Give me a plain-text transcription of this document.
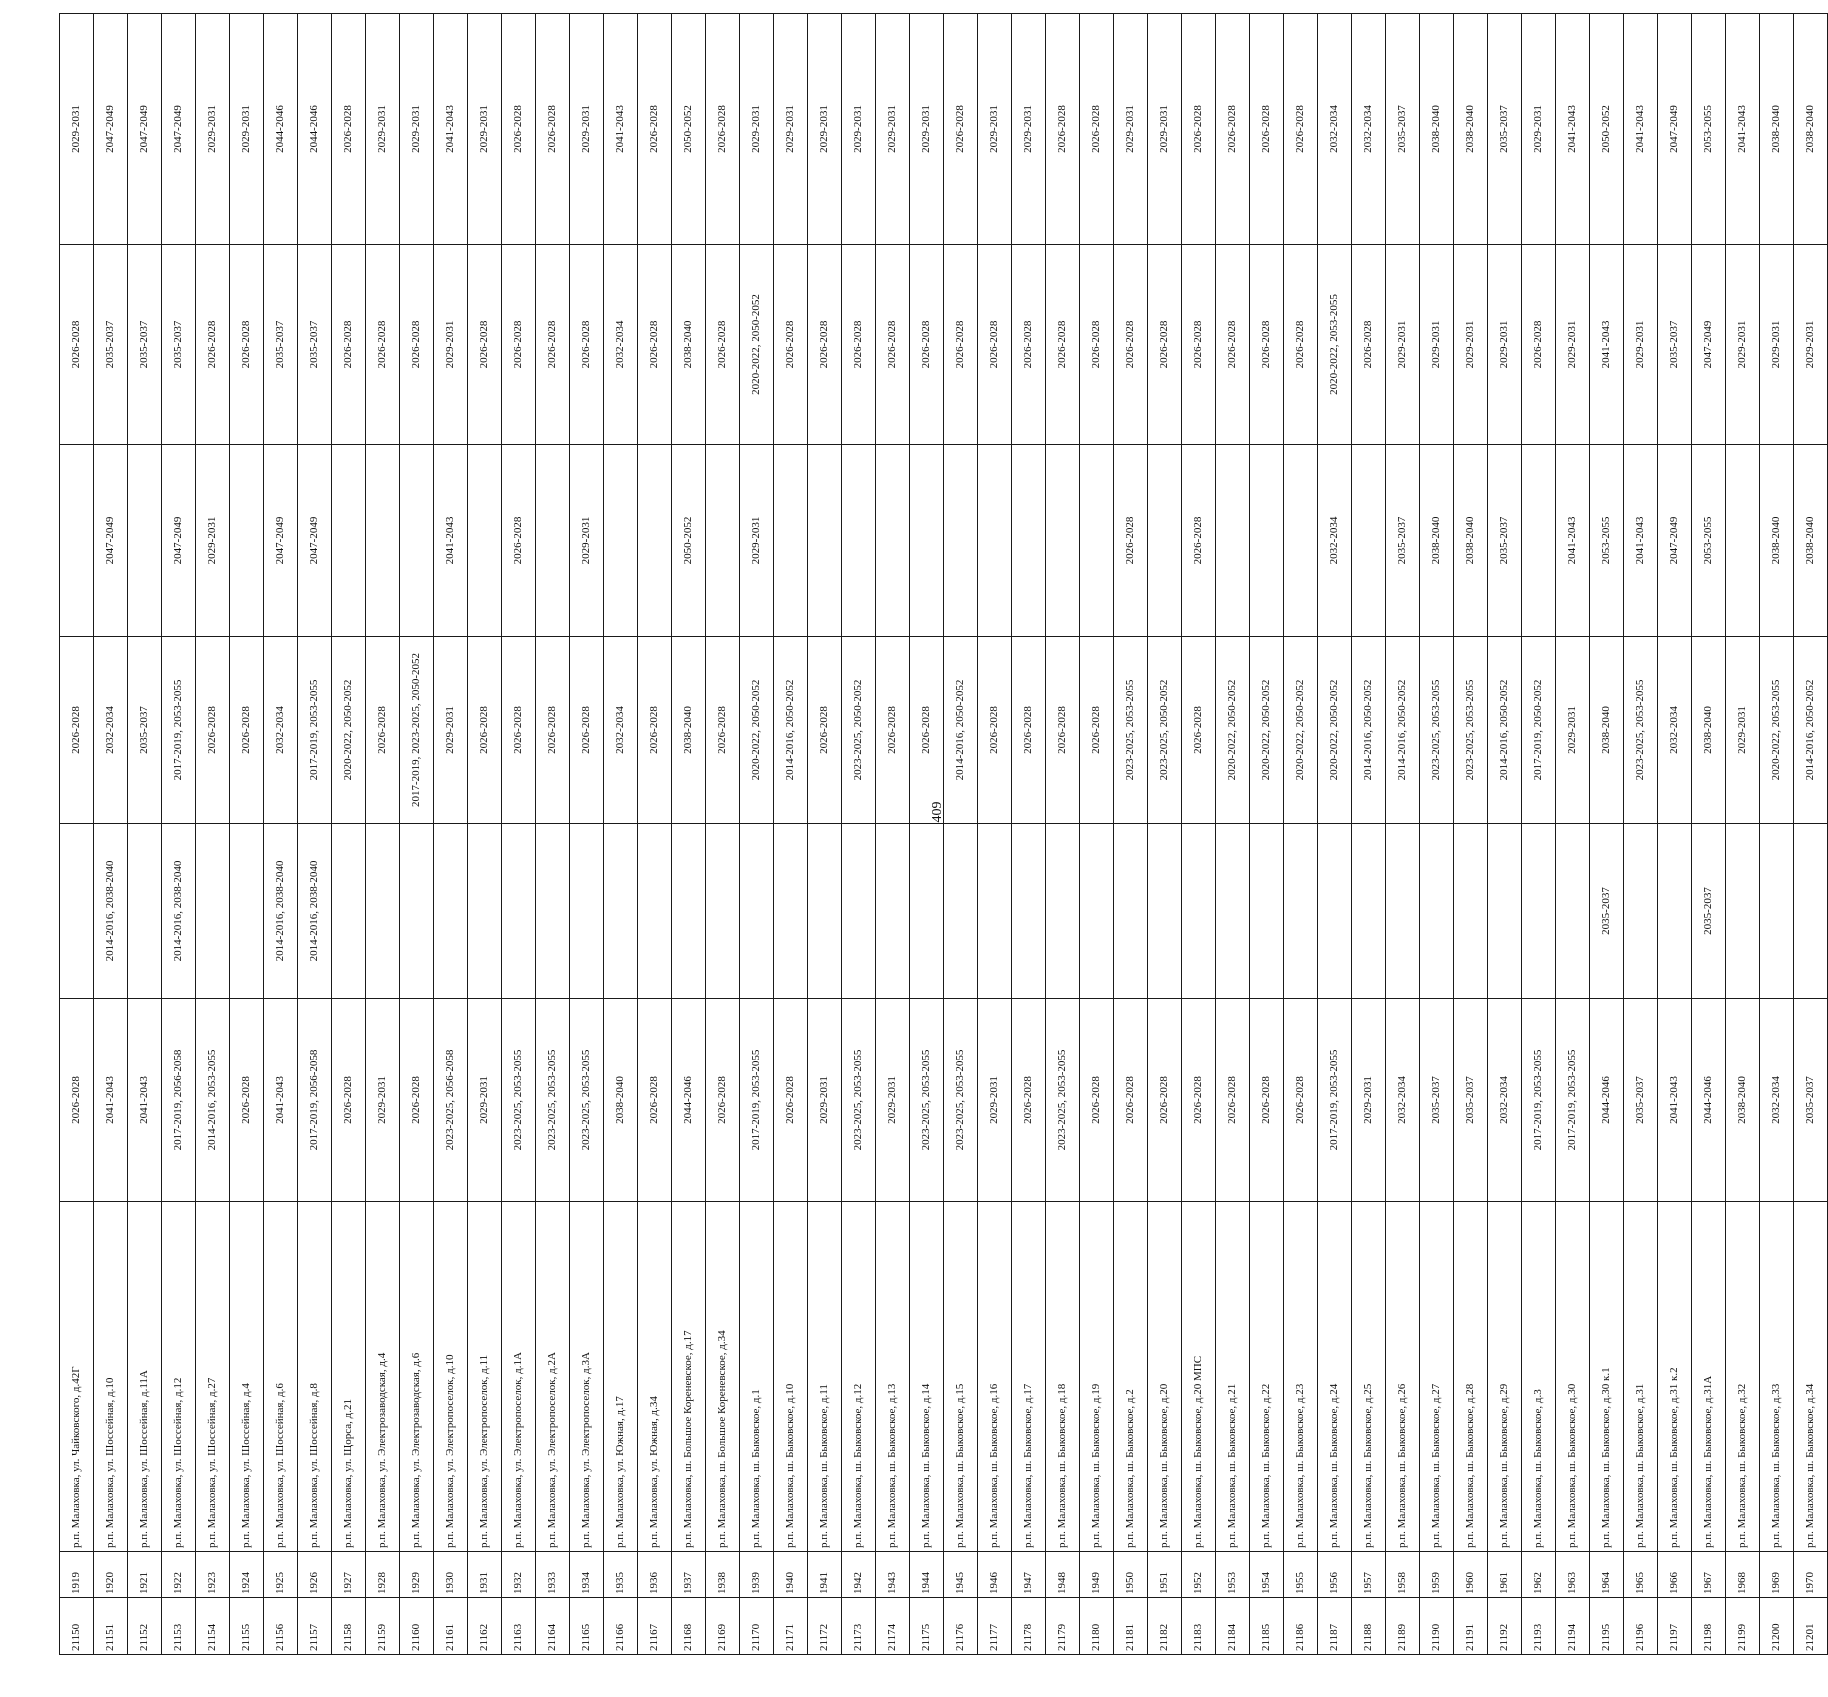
21150	1919	р.п. Малаховка, ул. Чайковского, д.42Г	2026-2028		2026-2028		2026-2028	2029-2031
21151	1920	р.п. Малаховка, ул. Шоссейная, д.10	2041-2043	2014-2016, 2038-2040	2032-2034	2047-2049	2035-2037	2047-2049
21152	1921	р.п. Малаховка, ул. Шоссейная, д.11А	2041-2043		2035-2037		2035-2037	2047-2049
21153	1922	р.п. Малаховка, ул. Шоссейная, д.12	2017-2019, 2056-2058	2014-2016, 2038-2040	2017-2019, 2053-2055	2047-2049	2035-2037	2047-2049
21154	1923	р.п. Малаховка, ул. Шоссейная, д.27	2014-2016, 2053-2055		2026-2028	2029-2031	2026-2028	2029-2031
21155	1924	р.п. Малаховка, ул. Шоссейная, д.4	2026-2028		2026-2028		2026-2028	2029-2031
21156	1925	р.п. Малаховка, ул. Шоссейная, д.6	2041-2043	2014-2016, 2038-2040	2032-2034	2047-2049	2035-2037	2044-2046
21157	1926	р.п. Малаховка, ул. Шоссейная, д.8	2017-2019, 2056-2058	2014-2016, 2038-2040	2017-2019, 2053-2055	2047-2049	2035-2037	2044-2046
21158	1927	р.п. Малаховка, ул. Щорса, д.21	2026-2028		2020-2022, 2050-2052		2026-2028	2026-2028
21159	1928	р.п. Малаховка, ул. Электрозаводская, д.4	2029-2031		2026-2028		2026-2028	2029-2031
21160	1929	р.п. Малаховка, ул. Электрозаводская, д.6	2026-2028		2017-2019, 2023-2025, 2050-2052		2026-2028	2029-2031
21161	1930	р.п. Малаховка, ул. Электропоселок, д.10	2023-2025, 2056-2058		2029-2031	2041-2043	2029-2031	2041-2043
21162	1931	р.п. Малаховка, ул. Электропоселок, д.11	2029-2031		2026-2028		2026-2028	2029-2031
21163	1932	р.п. Малаховка, ул. Электропоселок, д.1А	2023-2025, 2053-2055		2026-2028	2026-2028	2026-2028	2026-2028
21164	1933	р.п. Малаховка, ул. Электропоселок, д.2А	2023-2025, 2053-2055		2026-2028		2026-2028	2026-2028
21165	1934	р.п. Малаховка, ул. Электропоселок, д.3А	2023-2025, 2053-2055		2026-2028	2029-2031	2026-2028	2029-2031
21166	1935	р.п. Малаховка, ул. Южная, д.17	2038-2040		2032-2034		2032-2034	2041-2043
21167	1936	р.п. Малаховка, ул. Южная, д.34	2026-2028		2026-2028		2026-2028	2026-2028
21168	1937	р.п. Малаховка, ш. Большое Кореневское, д.17	2044-2046		2038-2040	2050-2052	2038-2040	2050-2052
21169	1938	р.п. Малаховка, ш. Большое Кореневское, д.34	2026-2028		2026-2028		2026-2028	2026-2028
21170	1939	р.п. Малаховка, ш. Быковское, д.1	2017-2019, 2053-2055		2020-2022, 2050-2052	2029-2031	2020-2022, 2050-2052	2029-2031
21171	1940	р.п. Малаховка, ш. Быковское, д.10	2026-2028		2014-2016, 2050-2052		2026-2028	2029-2031
21172	1941	р.п. Малаховка, ш. Быковское, д.11	2029-2031		2026-2028		2026-2028	2029-2031
21173	1942	р.п. Малаховка, ш. Быковское, д.12	2023-2025, 2053-2055		2023-2025, 2050-2052		2026-2028	2029-2031
21174	1943	р.п. Малаховка, ш. Быковское, д.13	2029-2031		2026-2028		2026-2028	2029-2031
21175	1944	р.п. Малаховка, ш. Быковское, д.14	2023-2025, 2053-2055		2026-2028		2026-2028	2029-2031
21176	1945	р.п. Малаховка, ш. Быковское, д.15	2023-2025, 2053-2055		2014-2016, 2050-2052		2026-2028	2026-2028
21177	1946	р.п. Малаховка, ш. Быковское, д.16	2029-2031		2026-2028		2026-2028	2029-2031
21178	1947	р.п. Малаховка, ш. Быковское, д.17	2026-2028		2026-2028		2026-2028	2029-2031
21179	1948	р.п. Малаховка, ш. Быковское, д.18	2023-2025, 2053-2055		2026-2028		2026-2028	2026-2028
21180	1949	р.п. Малаховка, ш. Быковское, д.19	2026-2028		2026-2028		2026-2028	2026-2028
21181	1950	р.п. Малаховка, ш. Быковское, д.2	2026-2028		2023-2025, 2053-2055	2026-2028	2026-2028	2029-2031
21182	1951	р.п. Малаховка, ш. Быковское, д.20	2026-2028		2023-2025, 2050-2052		2026-2028	2029-2031
21183	1952	р.п. Малаховка, ш. Быковское, д.20 МПС	2026-2028		2026-2028	2026-2028	2026-2028	2026-2028
21184	1953	р.п. Малаховка, ш. Быковское, д.21	2026-2028		2020-2022, 2050-2052		2026-2028	2026-2028
21185	1954	р.п. Малаховка, ш. Быковское, д.22	2026-2028		2020-2022, 2050-2052		2026-2028	2026-2028
21186	1955	р.п. Малаховка, ш. Быковское, д.23	2026-2028		2020-2022, 2050-2052		2026-2028	2026-2028
21187	1956	р.п. Малаховка, ш. Быковское, д.24	2017-2019, 2053-2055		2020-2022, 2050-2052	2032-2034	2020-2022, 2053-2055	2032-2034
21188	1957	р.п. Малаховка, ш. Быковское, д.25	2029-2031		2014-2016, 2050-2052		2026-2028	2032-2034
21189	1958	р.п. Малаховка, ш. Быковское, д.26	2032-2034		2014-2016, 2050-2052	2035-2037	2029-2031	2035-2037
21190	1959	р.п. Малаховка, ш. Быковское, д.27	2035-2037		2023-2025, 2053-2055	2038-2040	2029-2031	2038-2040
21191	1960	р.п. Малаховка, ш. Быковское, д.28	2035-2037		2023-2025, 2053-2055	2038-2040	2029-2031	2038-2040
21192	1961	р.п. Малаховка, ш. Быковское, д.29	2032-2034		2014-2016, 2050-2052	2035-2037	2029-2031	2035-2037
21193	1962	р.п. Малаховка, ш. Быковское, д.3	2017-2019, 2053-2055		2017-2019, 2050-2052		2026-2028	2029-2031
21194	1963	р.п. Малаховка, ш. Быковское, д.30	2017-2019, 2053-2055		2029-2031	2041-2043	2029-2031	2041-2043
21195	1964	р.п. Малаховка, ш. Быковское, д.30 к.1	2044-2046	2035-2037	2038-2040	2053-2055	2041-2043	2050-2052
21196	1965	р.п. Малаховка, ш. Быковское, д.31	2035-2037		2023-2025, 2053-2055	2041-2043	2029-2031	2041-2043
21197	1966	р.п. Малаховка, ш. Быковское, д.31 к.2	2041-2043		2032-2034	2047-2049	2035-2037	2047-2049
21198	1967	р.п. Малаховка, ш. Быковское, д.31А	2044-2046	2035-2037	2038-2040	2053-2055	2047-2049	2053-2055
21199	1968	р.п. Малаховка, ш. Быковское, д.32	2038-2040		2029-2031		2029-2031	2041-2043
21200	1969	р.п. Малаховка, ш. Быковское, д.33	2032-2034		2020-2022, 2053-2055	2038-2040	2029-2031	2038-2040
21201	1970	р.п. Малаховка, ш. Быковское, д.34	2035-2037		2014-2016, 2050-2052	2038-2040	2029-2031	2038-2040
409
